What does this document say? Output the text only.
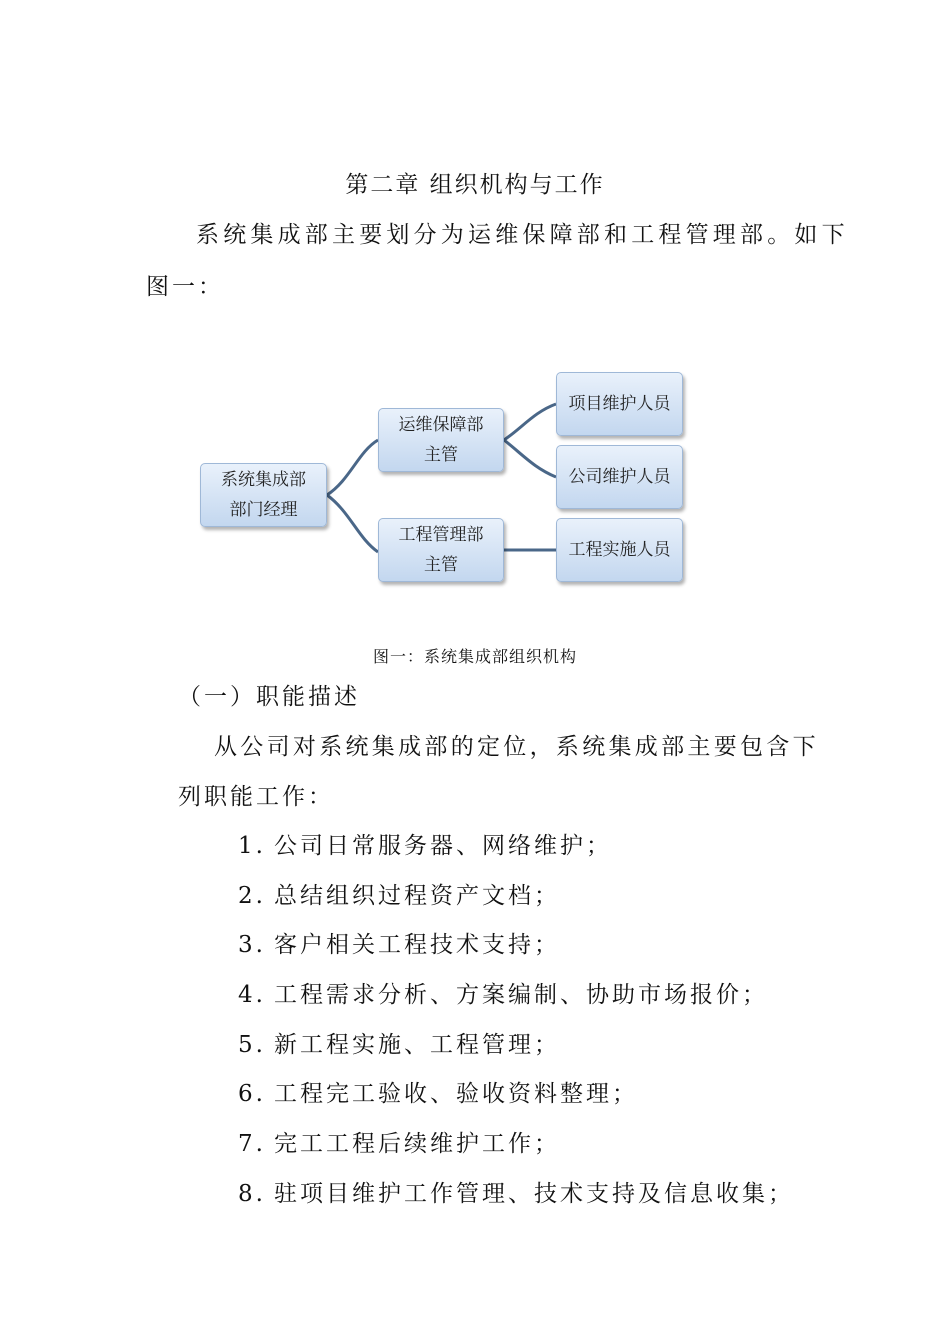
第二章 组织机构与工作
系统集成部主要划分为运维保障部和工程管理部。如下
图一：
系统集成部
部门经理
运维保障部
主管
工程管理部
主管
项目维护人员
公司维护人员
工程实施人员
图一：系统集成部组织机构
（一）职能描述
从公司对系统集成部的定位，系统集成部主要包含下
列职能工作：
1. 公司日常服务器、网络维护；
2. 总结组织过程资产文档；
3. 客户相关工程技术支持；
4. 工程需求分析、方案编制、协助市场报价；
5. 新工程实施、工程管理；
6. 工程完工验收、验收资料整理；
7. 完工工程后续维护工作；
8. 驻项目维护工作管理、技术支持及信息收集；
